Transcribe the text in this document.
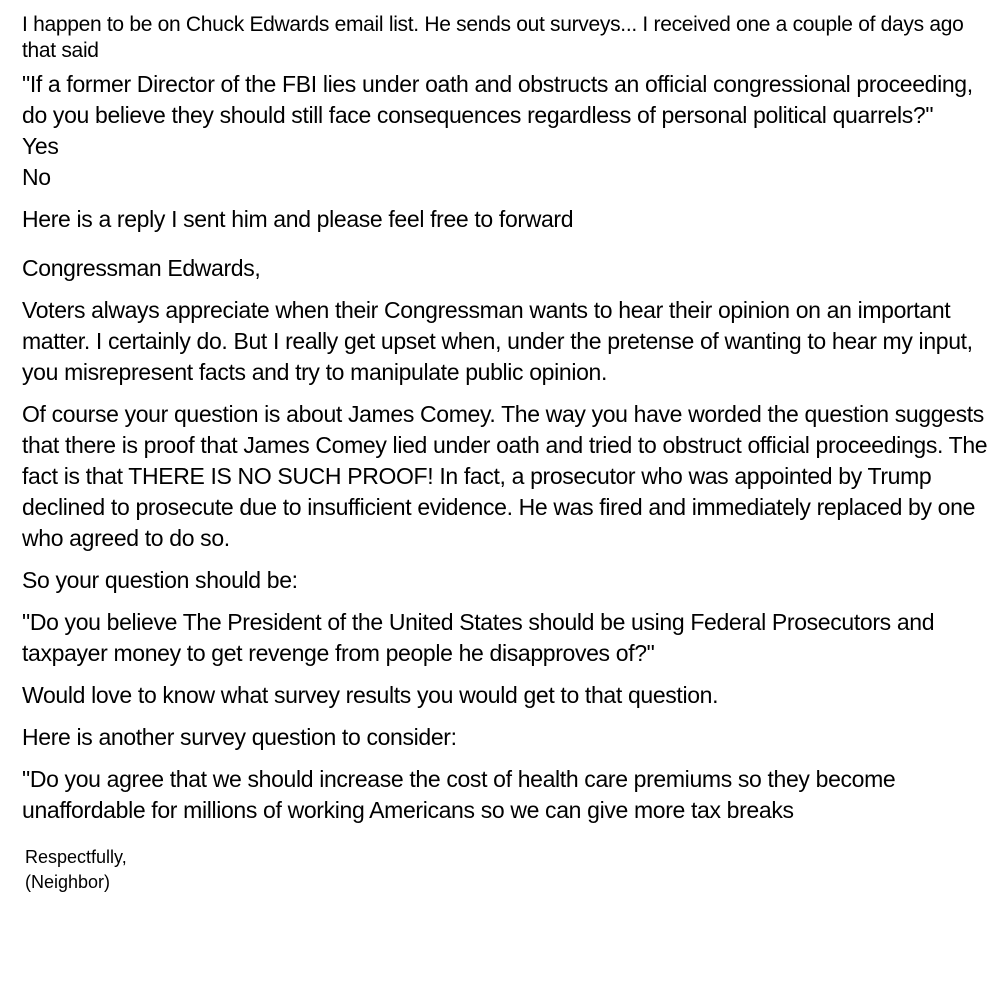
I happen to be on Chuck Edwards email list. He sends out surveys... I received one a couple of days ago that said

"If a former Director of the FBI lies under oath and obstructs an official congressional proceeding, do you believe they should still face consequences regardless of personal political quarrels?"

Yes

No

Here is a reply I sent him and please feel free to forward

Congressman Edwards,

Voters always appreciate when their Congressman wants to hear their opinion on an important matter. I certainly do. But I really get upset when, under the pretense of wanting to hear my input, you misrepresent facts and try to manipulate public opinion.

Of course your question is about James Comey. The way you have worded the question suggests that there is proof that James Comey lied under oath and tried to obstruct official proceedings. The fact is that THERE IS NO SUCH PROOF! In fact, a prosecutor who was appointed by Trump declined to prosecute due to insufficient evidence. He was fired and immediately replaced by one who agreed to do so.

So your question should be:

"Do you believe The President of the United States should be using Federal Prosecutors and taxpayer money to get revenge from people he disapproves of?"

Would love to know what survey results you would get to that question.

Here is another survey question to consider:

"Do you agree that we should increase the cost of health care premiums so they become unaffordable for millions of working Americans so we can give more tax breaks

Respectfully,

(Neighbor)
